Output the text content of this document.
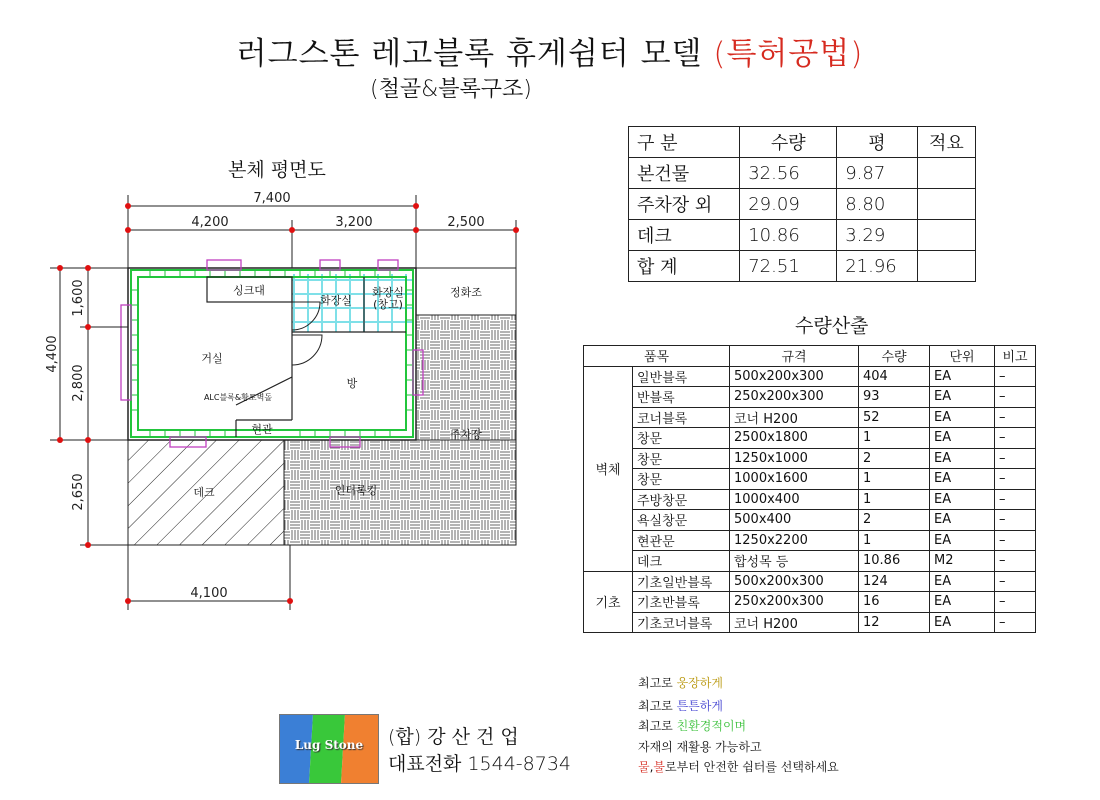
러그스톤 레고블록 휴게쉼터 모델 (특허공법)
(철골&블록구조)
본체 평면도
7,400
4,200	3,200	2,500
4,100
4,400
1,600
2,800
2,650
싱크대
화장실
화장실
(창고)
정화조
거실
ALC블록&황토벽돌
방
현관	주차장
데크	인터록킹
구 분	수량	평	적요
본건물	32.56	9.87	
주차장 외	29.09	8.80	
데크	10.86	3.29	
합 계	72.51	21.96	
수량산출
품목		규격	수량	단위	비고
벽체	일반블록	500x200x300	404	EA	–
	반블록	250x200x300	93	EA	–
	코너블록	코너 H200	52	EA	–
	창문	2500x1800	1	EA	–
	창문	1250x1000	2	EA	–
	창문	1000x1600	1	EA	–
	주방창문	1000x400	1	EA	–
	욕실창문	500x400	2	EA	–
	현관문	1250x2200	1	EA	–
	데크	합성목 등	10.86	M2	–
기초	기초일반블록	500x200x300	124	EA	–
	기초반블록	250x200x300	16	EA	–
	기초코너블록	코너 H200	12	EA	–
최고로 웅장하게
최고로 튼튼하게
최고로 친환경적이며
자재의 재활용 가능하고
물,불로부터 안전한 쉼터를 선택하세요
Lug Stone	(합) 강 산 건 업
대표전화 1544-8734
